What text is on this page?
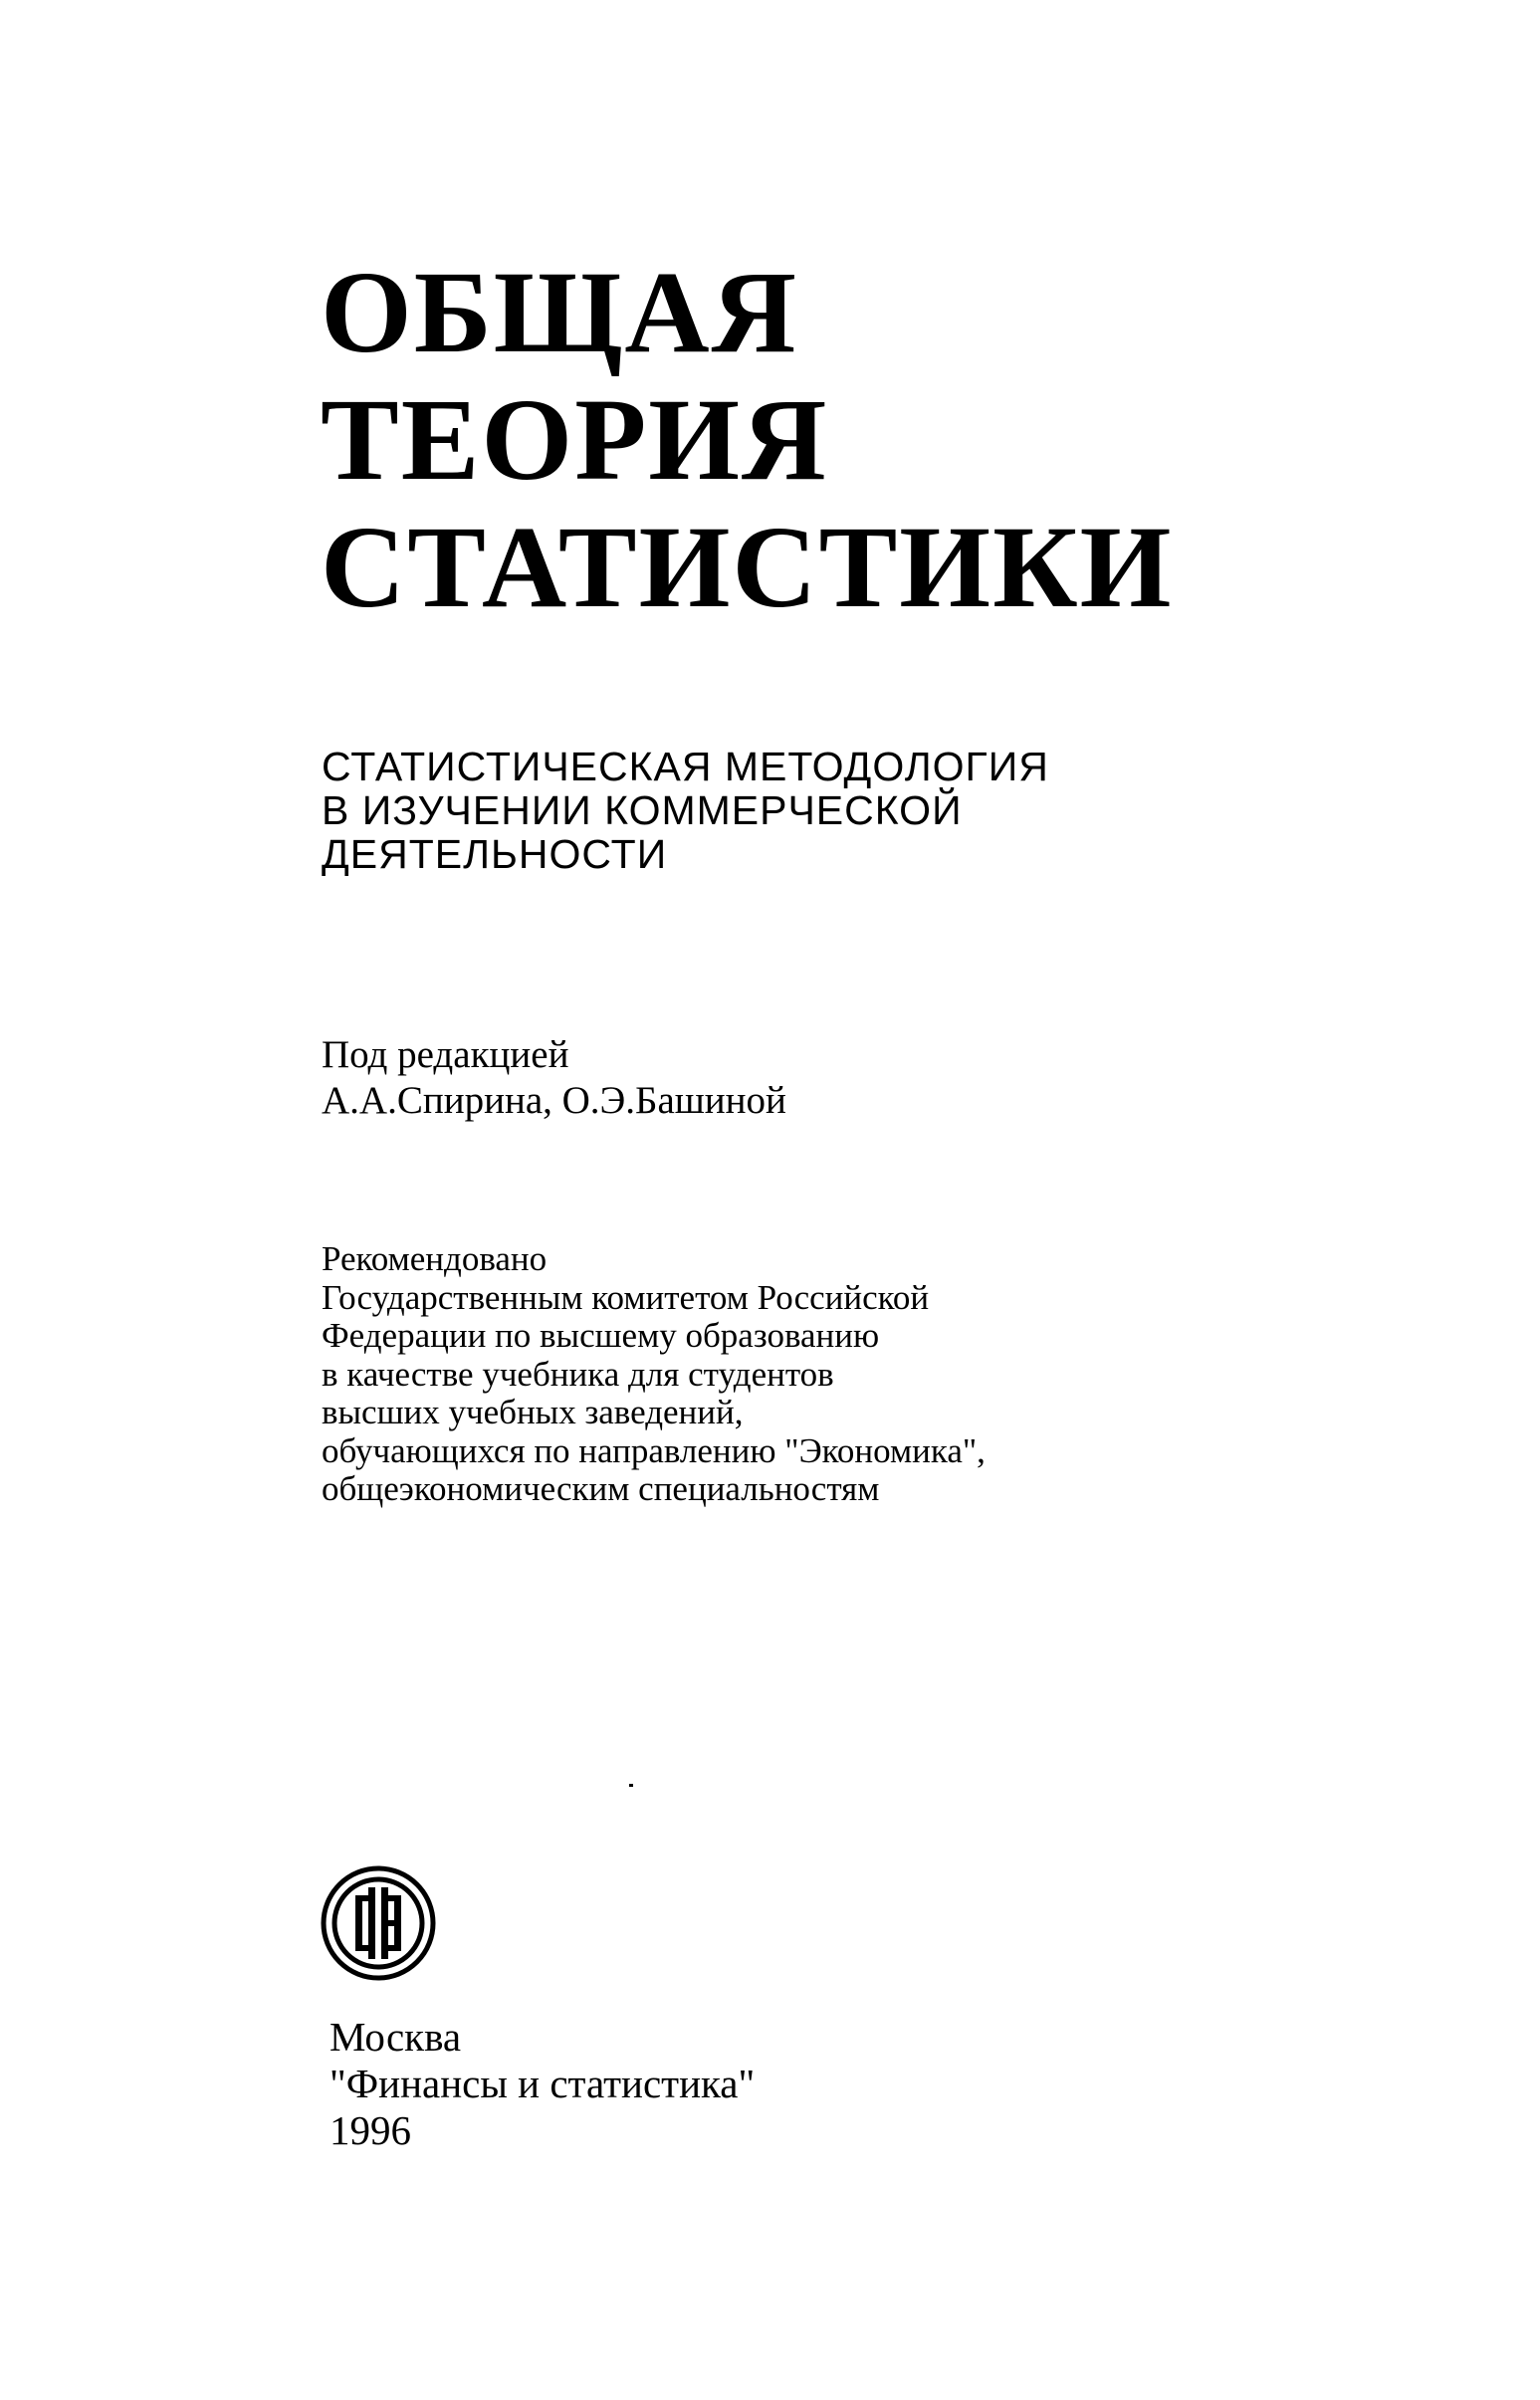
ОБЩАЯ
ТЕОРИЯ
СТАТИСТИКИ
СТАТИСТИЧЕСКАЯ МЕТОДОЛОГИЯ
В ИЗУЧЕНИИ КОММЕРЧЕСКОЙ
ДЕЯТЕЛЬНОСТИ
Под редакцией
А.А.Спирина, О.Э.Башиной
Рекомендовано
Государственным комитетом Российской
Федерации по высшему образованию
в качестве учебника для студентов
высших учебных заведений,
обучающихся по направлению "Экономика",
общеэкономическим специальностям
Москва
"Финансы и статистика"
1996
